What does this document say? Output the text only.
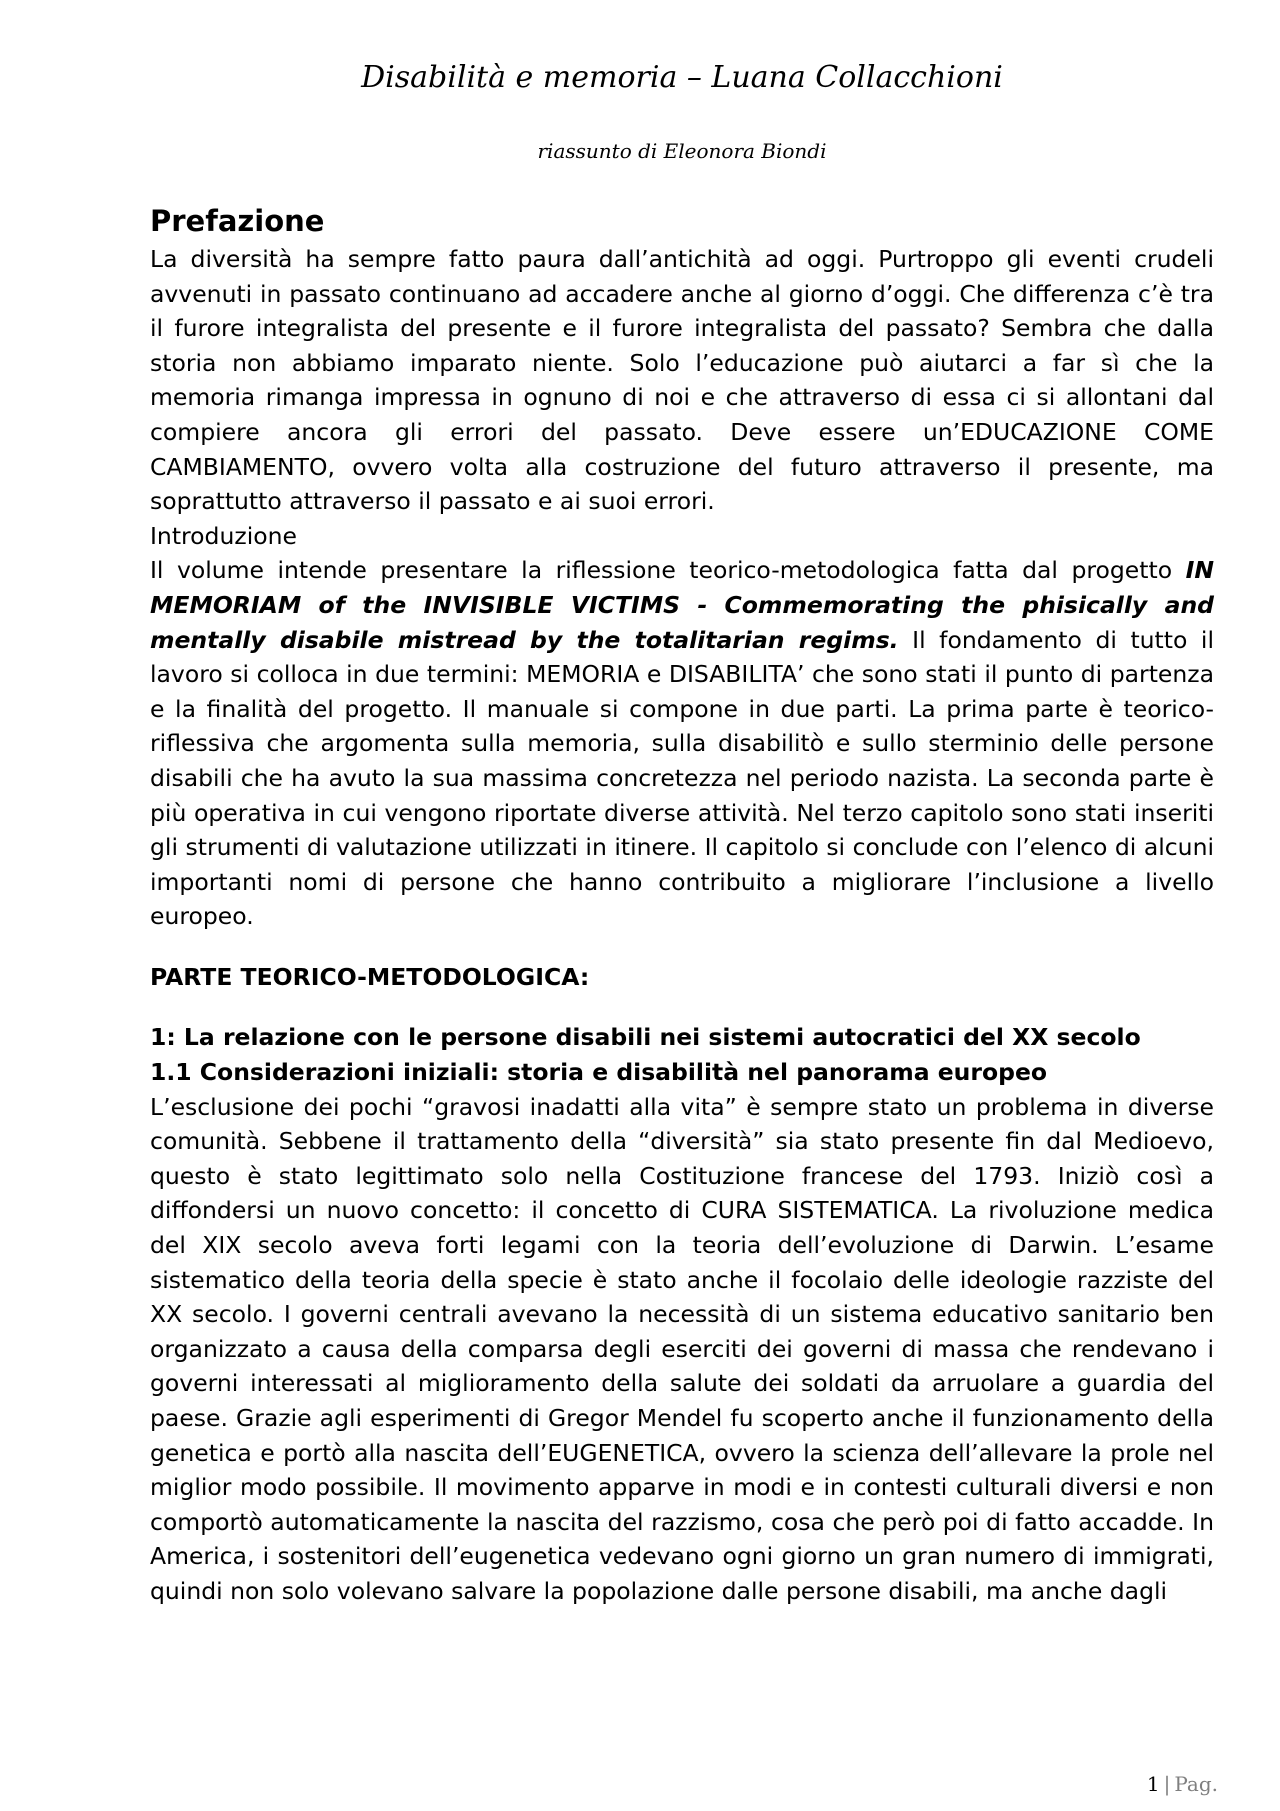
Disabilità e memoria – Luana Collacchioni
riassunto di Eleonora Biondi
Prefazione

La diversità ha sempre fatto paura dall’antichità ad oggi. Purtroppo gli eventi crudeli avvenuti in passato continuano ad accadere anche al giorno d’oggi. Che differenza c’è tra il furore integralista del presente e il furore integralista del passato? Sembra che dalla storia non abbiamo imparato niente. Solo l’educazione può aiutarci a far sì che la memoria rimanga impressa in ognuno di noi e che attraverso di essa ci si allontani dal compiere ancora gli errori del passato. Deve essere un’EDUCAZIONE COME CAMBIAMENTO, ovvero volta alla costruzione del futuro attraverso il presente, ma soprattutto attraverso il passato e ai suoi errori.

Introduzione

Il volume intende presentare la riflessione teorico-metodologica fatta dal progetto IN MEMORIAM of the INVISIBLE VICTIMS - Commemorating the phisically and mentally disabile mistread by the totalitarian regims. Il fondamento di tutto il lavoro si colloca in due termini: MEMORIA e DISABILITA’ che sono stati il punto di partenza e la finalità del progetto. Il manuale si compone in due parti. La prima parte è teorico-riflessiva che argomenta sulla memoria, sulla disabilitò e sullo sterminio delle persone disabili che ha avuto la sua massima concretezza nel periodo nazista. La seconda parte è più operativa in cui vengono riportate diverse attività. Nel terzo capitolo sono stati inseriti gli strumenti di valutazione utilizzati in itinere. Il capitolo si conclude con l’elenco di alcuni importanti nomi di persone che hanno contribuito a migliorare l’inclusione a livello europeo.

PARTE TEORICO-METODOLOGICA:

1: La relazione con le persone disabili nei sistemi autocratici del XX secolo

1.1 Considerazioni iniziali: storia e disabilità nel panorama europeo

L’esclusione dei pochi “gravosi inadatti alla vita” è sempre stato un problema in diverse comunità. Sebbene il trattamento della “diversità” sia stato presente fin dal Medioevo, questo è stato legittimato solo nella Costituzione francese del 1793. Iniziò così a diffondersi un nuovo concetto: il concetto di CURA SISTEMATICA. La rivoluzione medica del XIX secolo aveva forti legami con la teoria dell’evoluzione di Darwin. L’esame sistematico della teoria della specie è stato anche il focolaio delle ideologie razziste del XX secolo. I governi centrali avevano la necessità di un sistema educativo sanitario ben organizzato a causa della comparsa degli eserciti dei governi di massa che rendevano i governi interessati al miglioramento della salute dei soldati da arruolare a guardia del paese. Grazie agli esperimenti di Gregor Mendel fu scoperto anche il funzionamento della genetica e portò alla nascita dell’EUGENETICA, ovvero la scienza dell’allevare la prole nel miglior modo possibile. Il movimento apparve in modi e in contesti culturali diversi e non comportò automaticamente la nascita del razzismo, cosa che però poi di fatto accadde. In America, i sostenitori dell’eugenetica vedevano ogni giorno un gran numero di immigrati, quindi non solo volevano salvare la popolazione dalle persone disabili, ma anche dagli

1 | Pag.
